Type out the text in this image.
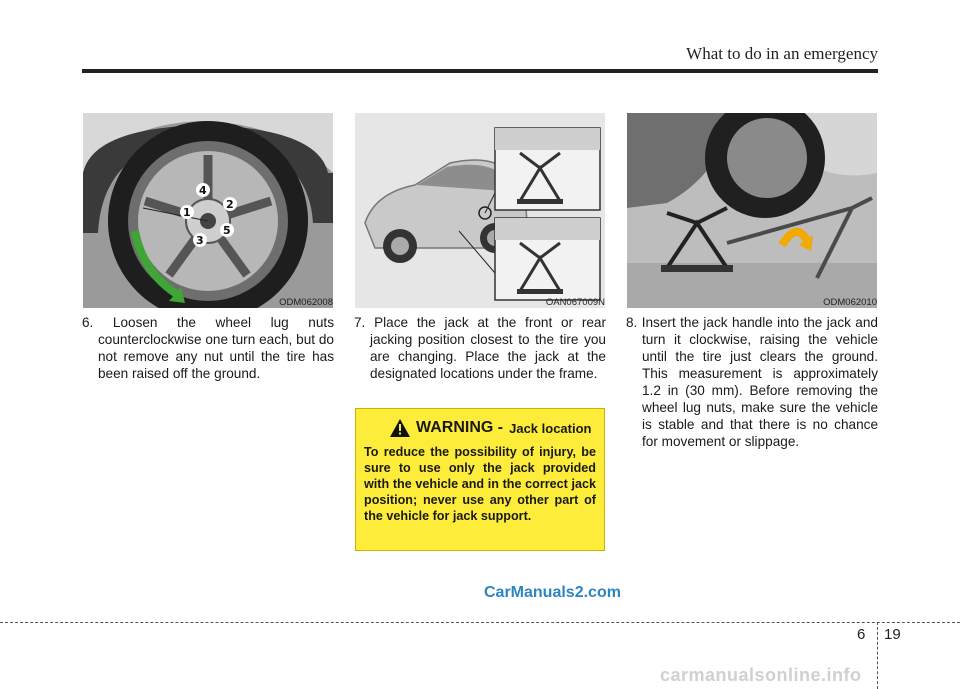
What to do in an emergency
1
2
3
4
5
ODM062008	OAN067009N	ODM062010
6. Loosen the wheel lug nuts counterclockwise one turn each, but do not remove any nut until the tire has been raised off the ground.
7. Place the jack at the front or rear jacking position closest to the tire you are changing. Place the jack at the designated locations under the frame.
8. Insert the jack handle into the jack and turn it clockwise, raising the vehicle until the tire just clears the ground. This measurement is approximately 1.2 in (30 mm). Before removing the wheel lug nuts, make sure the vehicle is stable and that there is no chance for movement or slippage.
WARNING - Jack location
To reduce the possibility of injury, be sure to use only the jack provided with the vehicle and in the correct jack position; never use any other part of the vehicle for jack support.
CarManuals2.com
6 19
carmanualsonline.info
